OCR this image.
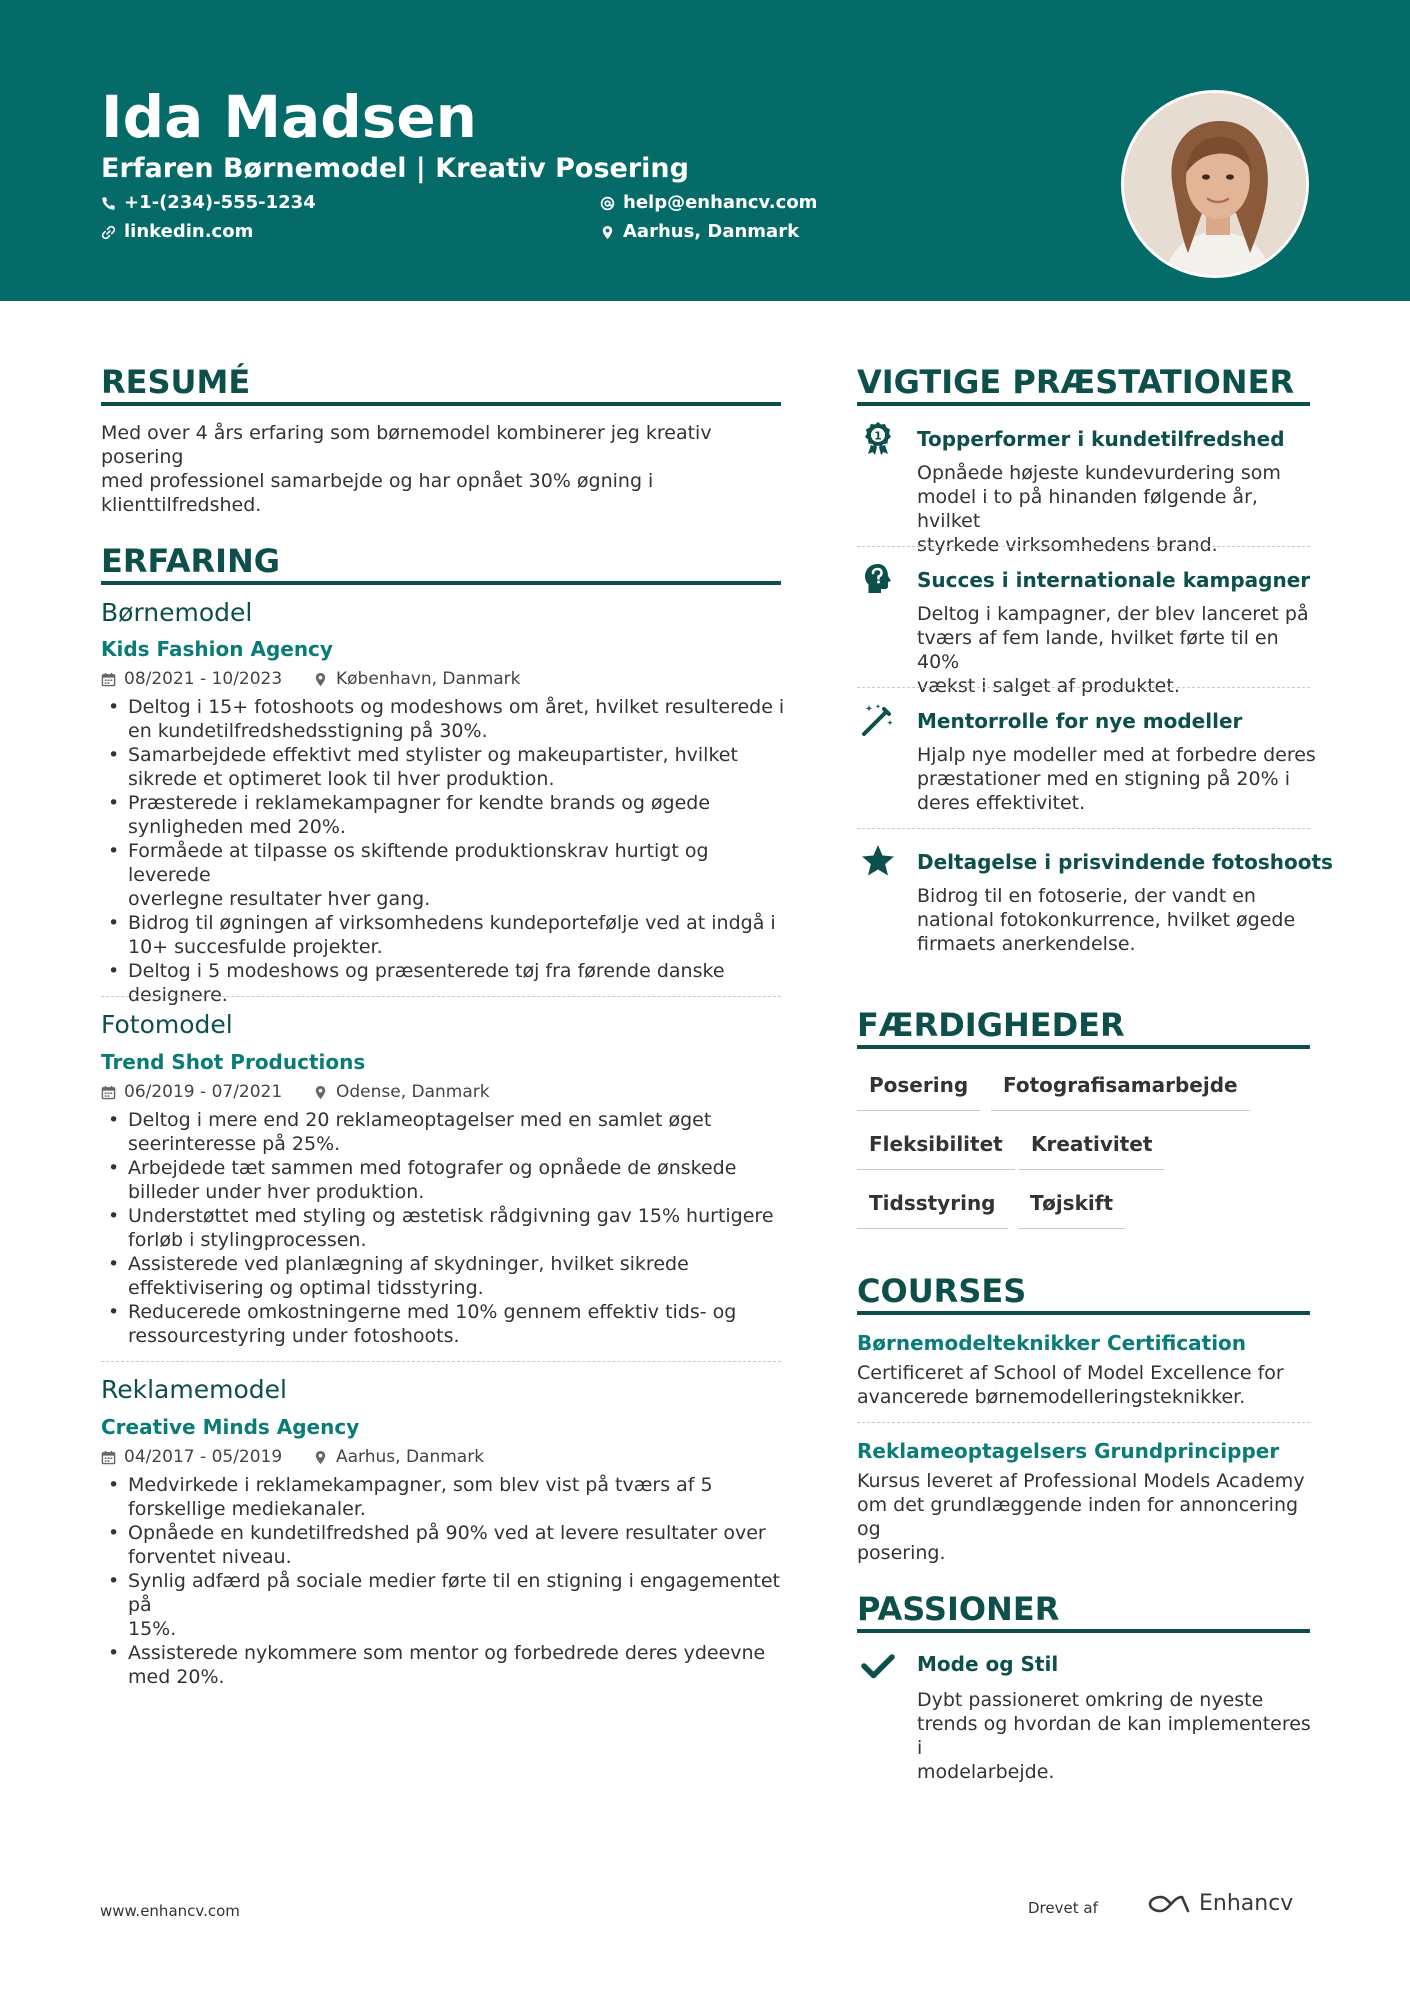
Ida Madsen
Erfaren Børnemodel | Kreativ Posering
+1-(234)-555-1234	help@enhancv.com
linkedin.com	Aarhus, Danmark
RESUMÉ
Med over 4 års erfaring som børnemodel kombinerer jeg kreativ posering
med professionel samarbejde og har opnået 30% øgning i
klienttilfredshed.
ERFARING
Børnemodel
Kids Fashion Agency
08/2021 - 10/2023	København, Danmark
• Deltog i 15+ fotoshoots og modeshows om året, hvilket resulterede i
en kundetilfredshedsstigning på 30%.
• Samarbejdede effektivt med stylister og makeupartister, hvilket
sikrede et optimeret look til hver produktion.
• Præsterede i reklamekampagner for kendte brands og øgede
synligheden med 20%.
• Formåede at tilpasse os skiftende produktionskrav hurtigt og leverede
overlegne resultater hver gang.
• Bidrog til øgningen af virksomhedens kundeportefølje ved at indgå i
10+ succesfulde projekter.
• Deltog i 5 modeshows og præsenterede tøj fra førende danske
designere.
Fotomodel
Trend Shot Productions
06/2019 - 07/2021	Odense, Danmark
• Deltog i mere end 20 reklameoptagelser med en samlet øget
seerinteresse på 25%.
• Arbejdede tæt sammen med fotografer og opnåede de ønskede
billeder under hver produktion.
• Understøttet med styling og æstetisk rådgivning gav 15% hurtigere
forløb i stylingprocessen.
• Assisterede ved planlægning af skydninger, hvilket sikrede
effektivisering og optimal tidsstyring.
• Reducerede omkostningerne med 10% gennem effektiv tids- og
ressourcestyring under fotoshoots.
Reklamemodel
Creative Minds Agency
04/2017 - 05/2019	Aarhus, Danmark
• Medvirkede i reklamekampagner, som blev vist på tværs af 5
forskellige mediekanaler.
• Opnåede en kundetilfredshed på 90% ved at levere resultater over
forventet niveau.
• Synlig adfærd på sociale medier førte til en stigning i engagementet på
15%.
• Assisterede nykommere som mentor og forbedrede deres ydeevne
med 20%.
VIGTIGE PRÆSTATIONER
1 Topperformer i kundetilfredshed
Opnåede højeste kundevurdering som
model i to på hinanden følgende år, hvilket
styrkede virksomhedens brand.
Succes i internationale kampagner
Deltog i kampagner, der blev lanceret på
tværs af fem lande, hvilket førte til en 40%
vækst i salget af produktet.
Mentorrolle for nye modeller
Hjalp nye modeller med at forbedre deres
præstationer med en stigning på 20% i
deres effektivitet.
Deltagelse i prisvindende fotoshoots
Bidrog til en fotoserie, der vandt en
national fotokonkurrence, hvilket øgede
firmaets anerkendelse.
FÆRDIGHEDER
Posering	Fotografisamarbejde
Fleksibilitet	Kreativitet
Tidsstyring	Tøjskift
COURSES
Børnemodelteknikker Certification
Certificeret af School of Model Excellence for
avancerede børnemodelleringsteknikker.
Reklameoptagelsers Grundprincipper
Kursus leveret af Professional Models Academy
om det grundlæggende inden for annoncering og
posering.
PASSIONER
Mode og Stil
Dybt passioneret omkring de nyeste
trends og hvordan de kan implementeres i
modelarbejde.
www.enhancv.com	Drevet af	Enhancv
